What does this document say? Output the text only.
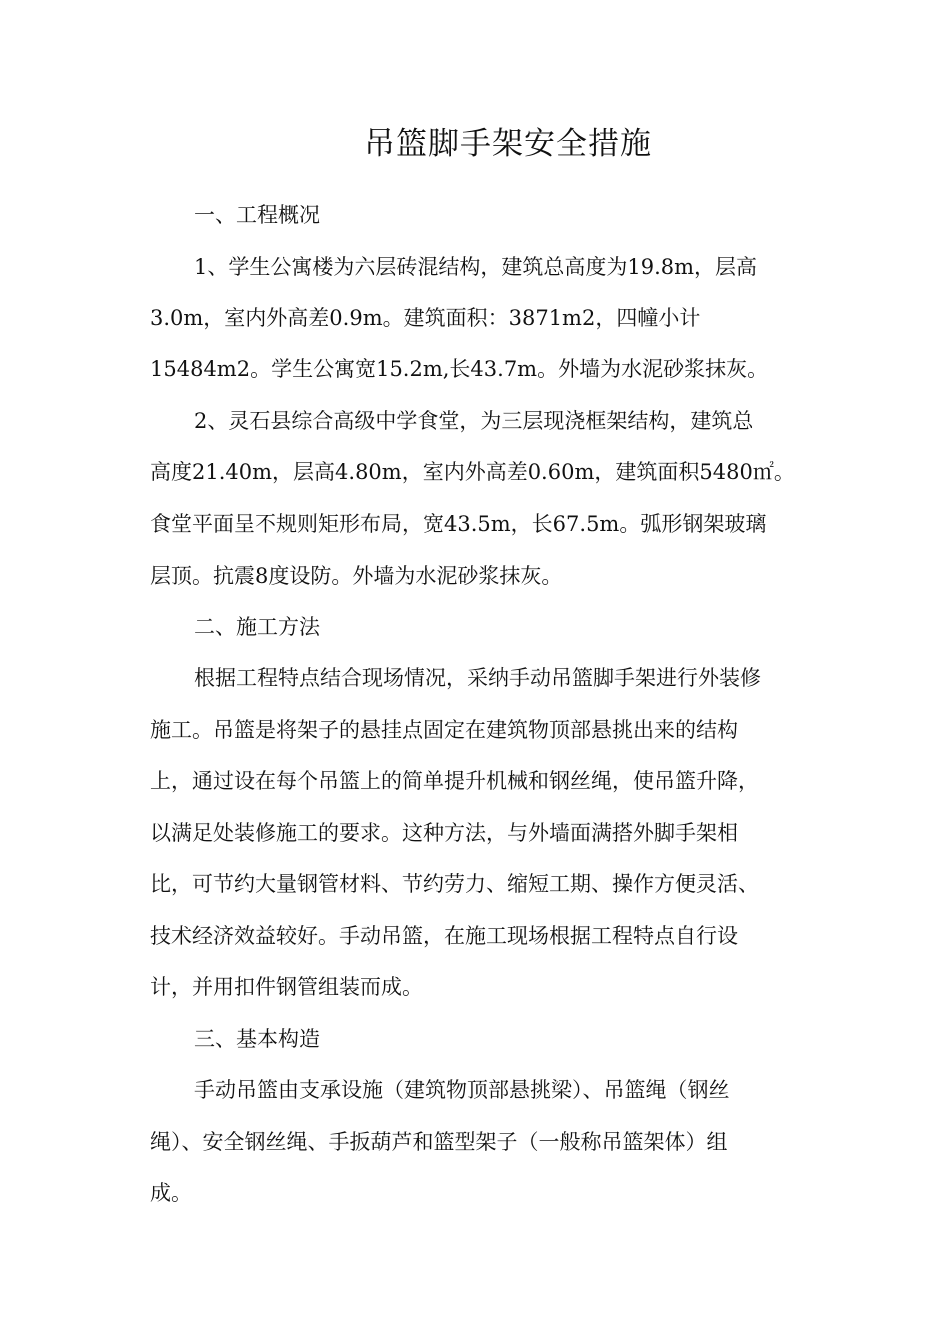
吊篮脚手架安全措施

一、工程概况

1、学生公寓楼为六层砖混结构，建筑总高度为19.8m，层高

3.0m，室内外高差0.9m。建筑面积：3871m2，四幢小计

15484m2。学生公寓宽15.2m,长43.7m。外墙为水泥砂浆抹灰。

2、灵石县综合高级中学食堂，为三层现浇框架结构，建筑总

高度21.40m，层高4.80m，室内外高差0.60m，建筑面积5480㎡。

食堂平面呈不规则矩形布局，宽43.5m，长67.5m。弧形钢架玻璃

层顶。抗震8度设防。外墙为水泥砂浆抹灰。

二、施工方法

根据工程特点结合现场情况，采纳手动吊篮脚手架进行外装修

施工。吊篮是将架子的悬挂点固定在建筑物顶部悬挑出来的结构

上，通过设在每个吊篮上的简单提升机械和钢丝绳，使吊篮升降，

以满足处装修施工的要求。这种方法，与外墙面满搭外脚手架相

比，可节约大量钢管材料、节约劳力、缩短工期、操作方便灵活、

技术经济效益较好。手动吊篮，在施工现场根据工程特点自行设

计，并用扣件钢管组装而成。

三、基本构造

手动吊篮由支承设施（建筑物顶部悬挑梁）、吊篮绳（钢丝

绳）、安全钢丝绳、手扳葫芦和篮型架子（一般称吊篮架体）组

成。
